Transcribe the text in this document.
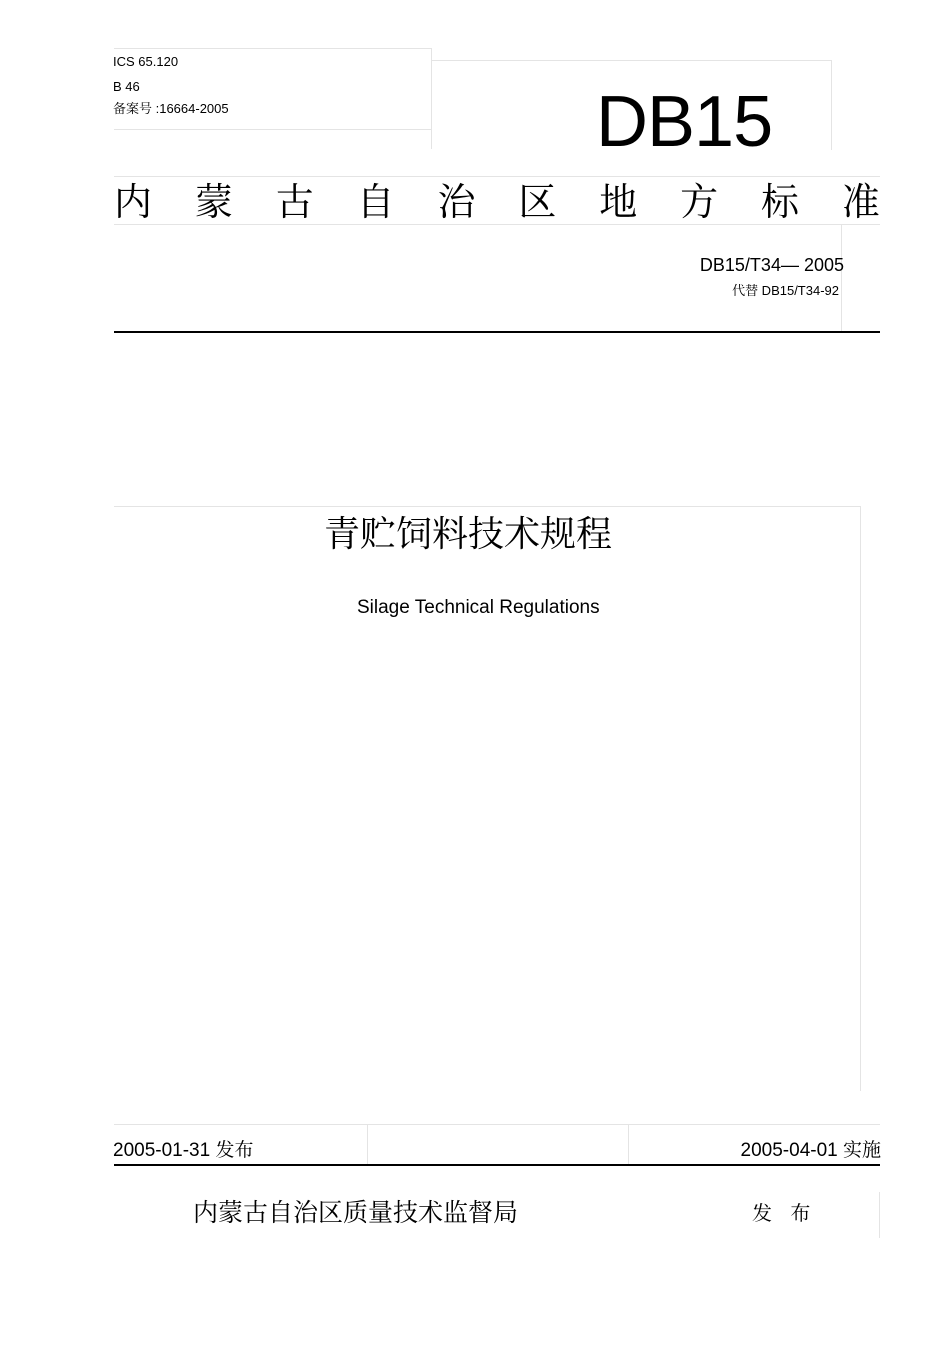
ICS 65.120
B 46
备案号 :16664-2005	DB15
内 蒙 古 自 治 区 地 方 标 准
DB15/T34— 2005
代替 DB15/T34-92
青贮饲料技术规程
Silage Technical Regulations
2005-01-31 发布	2005-04-01 实施
内蒙古自治区质量技术监督局	发 布
